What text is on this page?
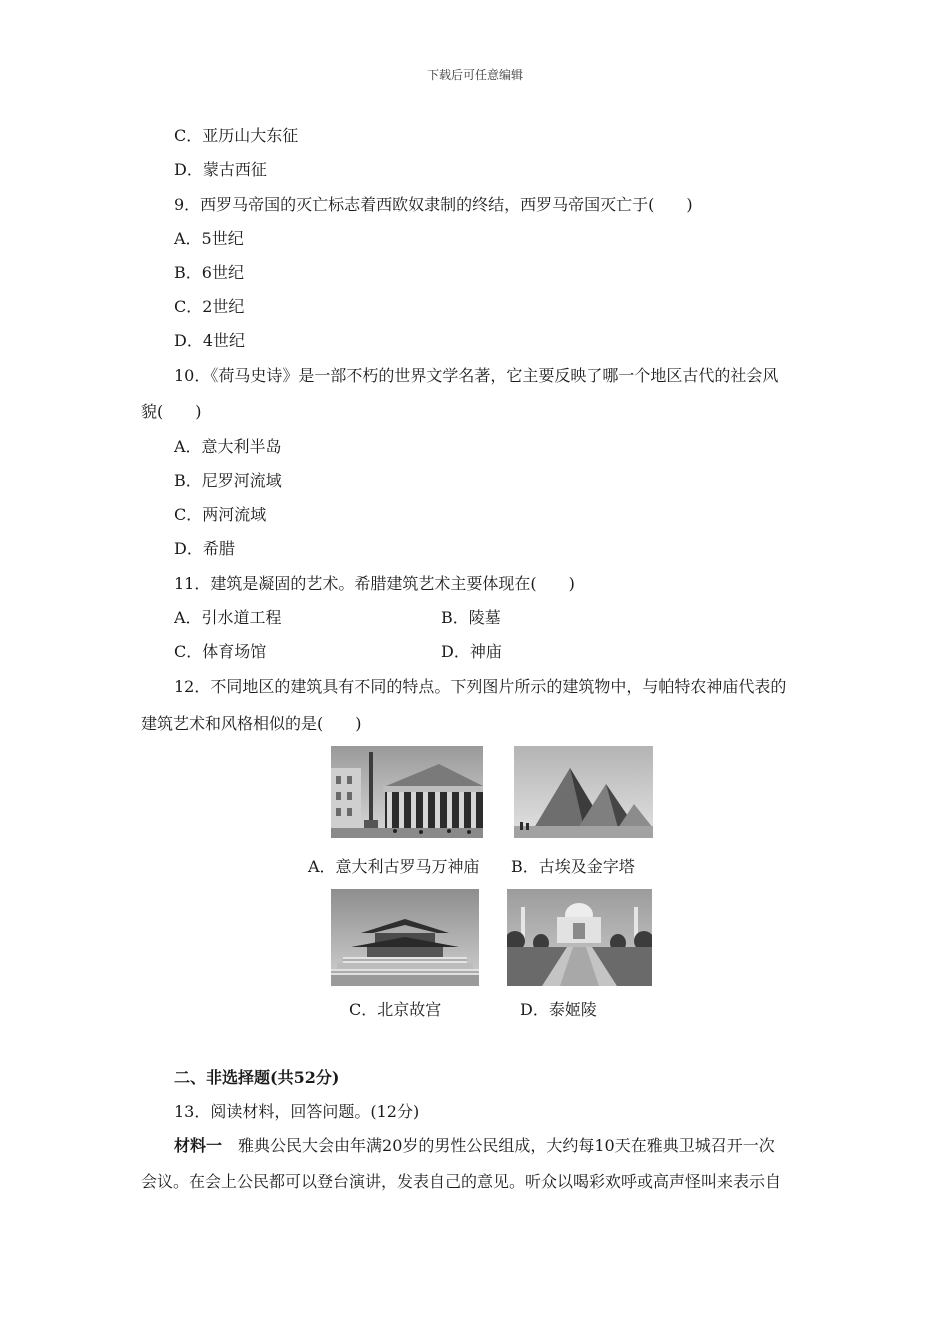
下载后可任意编辑
C．亚历山大东征
D．蒙古西征
9．西罗马帝国的灭亡标志着西欧奴隶制的终结，西罗马帝国灭亡于(　　)
A．5世纪
B．6世纪
C．2世纪
D．4世纪
10．《荷马史诗》是一部不朽的世界文学名著，它主要反映了哪一个地区古代的社会风
貌(　　)
A．意大利半岛
B．尼罗河流域
C．两河流域
D．希腊
11．建筑是凝固的艺术。希腊建筑艺术主要体现在(　　)
A．引水道工程	B．陵墓
C．体育场馆	D．神庙
12．不同地区的建筑具有不同的特点。下列图片所示的建筑物中，与帕特农神庙代表的
建筑艺术和风格相似的是(　　)
A．意大利古罗马万神庙 B．古埃及金字塔
C．北京故宫	D．泰姬陵
二、非选择题(共52分)
13．阅读材料，回答问题。(12分)
材料一　雅典公民大会由年满20岁的男性公民组成，大约每10天在雅典卫城召开一次
会议。在会上公民都可以登台演讲，发表自己的意见。听众以喝彩欢呼或高声怪叫来表示自
